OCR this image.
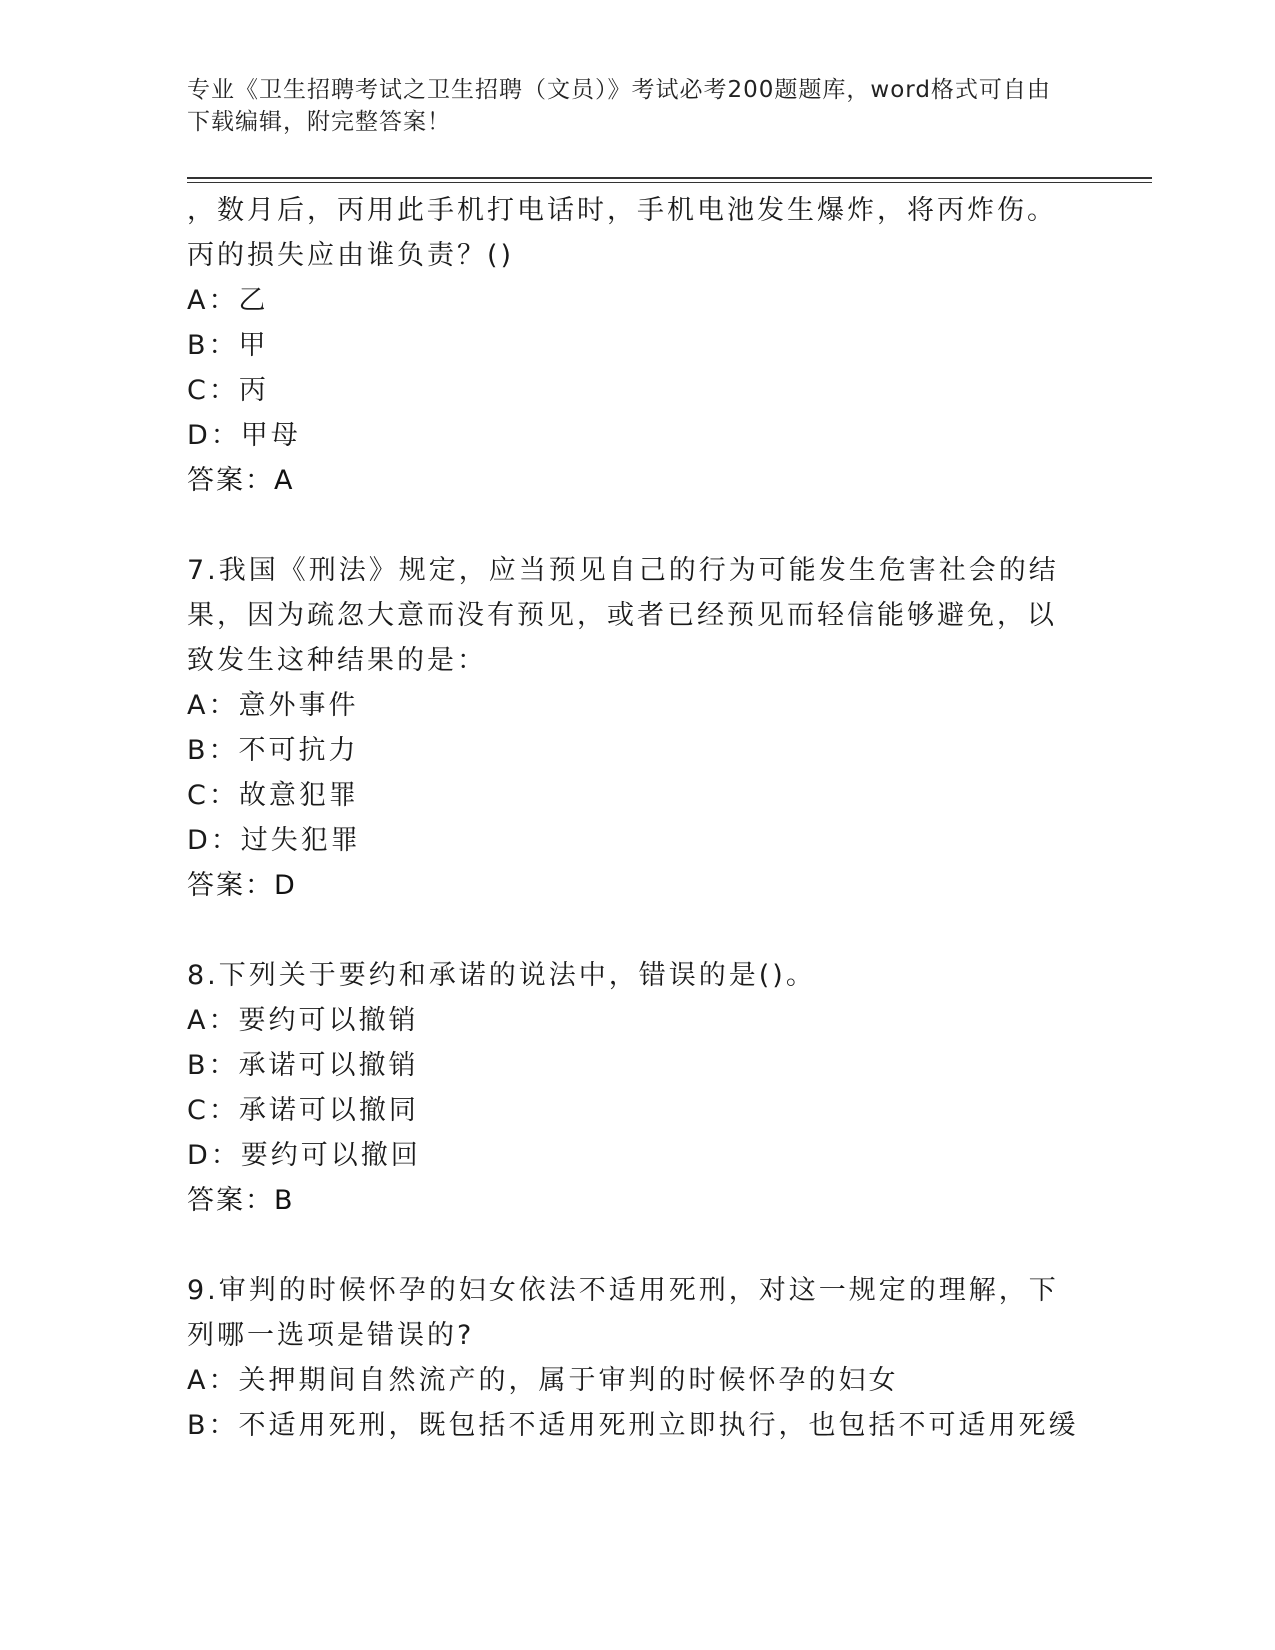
专业《卫生招聘考试之卫生招聘（文员）》考试必考200题题库，word格式可自由下载编辑，附完整答案！

，数月后，丙用此手机打电话时，手机电池发生爆炸，将丙炸伤。丙的损失应由谁负责？()

A：乙

B：甲

C：丙

D：甲母

答案：A

7.我国《刑法》规定，应当预见自己的行为可能发生危害社会的结果，因为疏忽大意而没有预见，或者已经预见而轻信能够避免，以致发生这种结果的是：

A：意外事件

B：不可抗力

C：故意犯罪

D：过失犯罪

答案：D

8.下列关于要约和承诺的说法中，错误的是()。

A：要约可以撤销

B：承诺可以撤销

C：承诺可以撤同

D：要约可以撤回

答案：B

9.审判的时候怀孕的妇女依法不适用死刑，对这一规定的理解，下列哪一选项是错误的?

A：关押期间自然流产的，属于审判的时候怀孕的妇女

B：不适用死刑，既包括不适用死刑立即执行，也包括不可适用死缓
